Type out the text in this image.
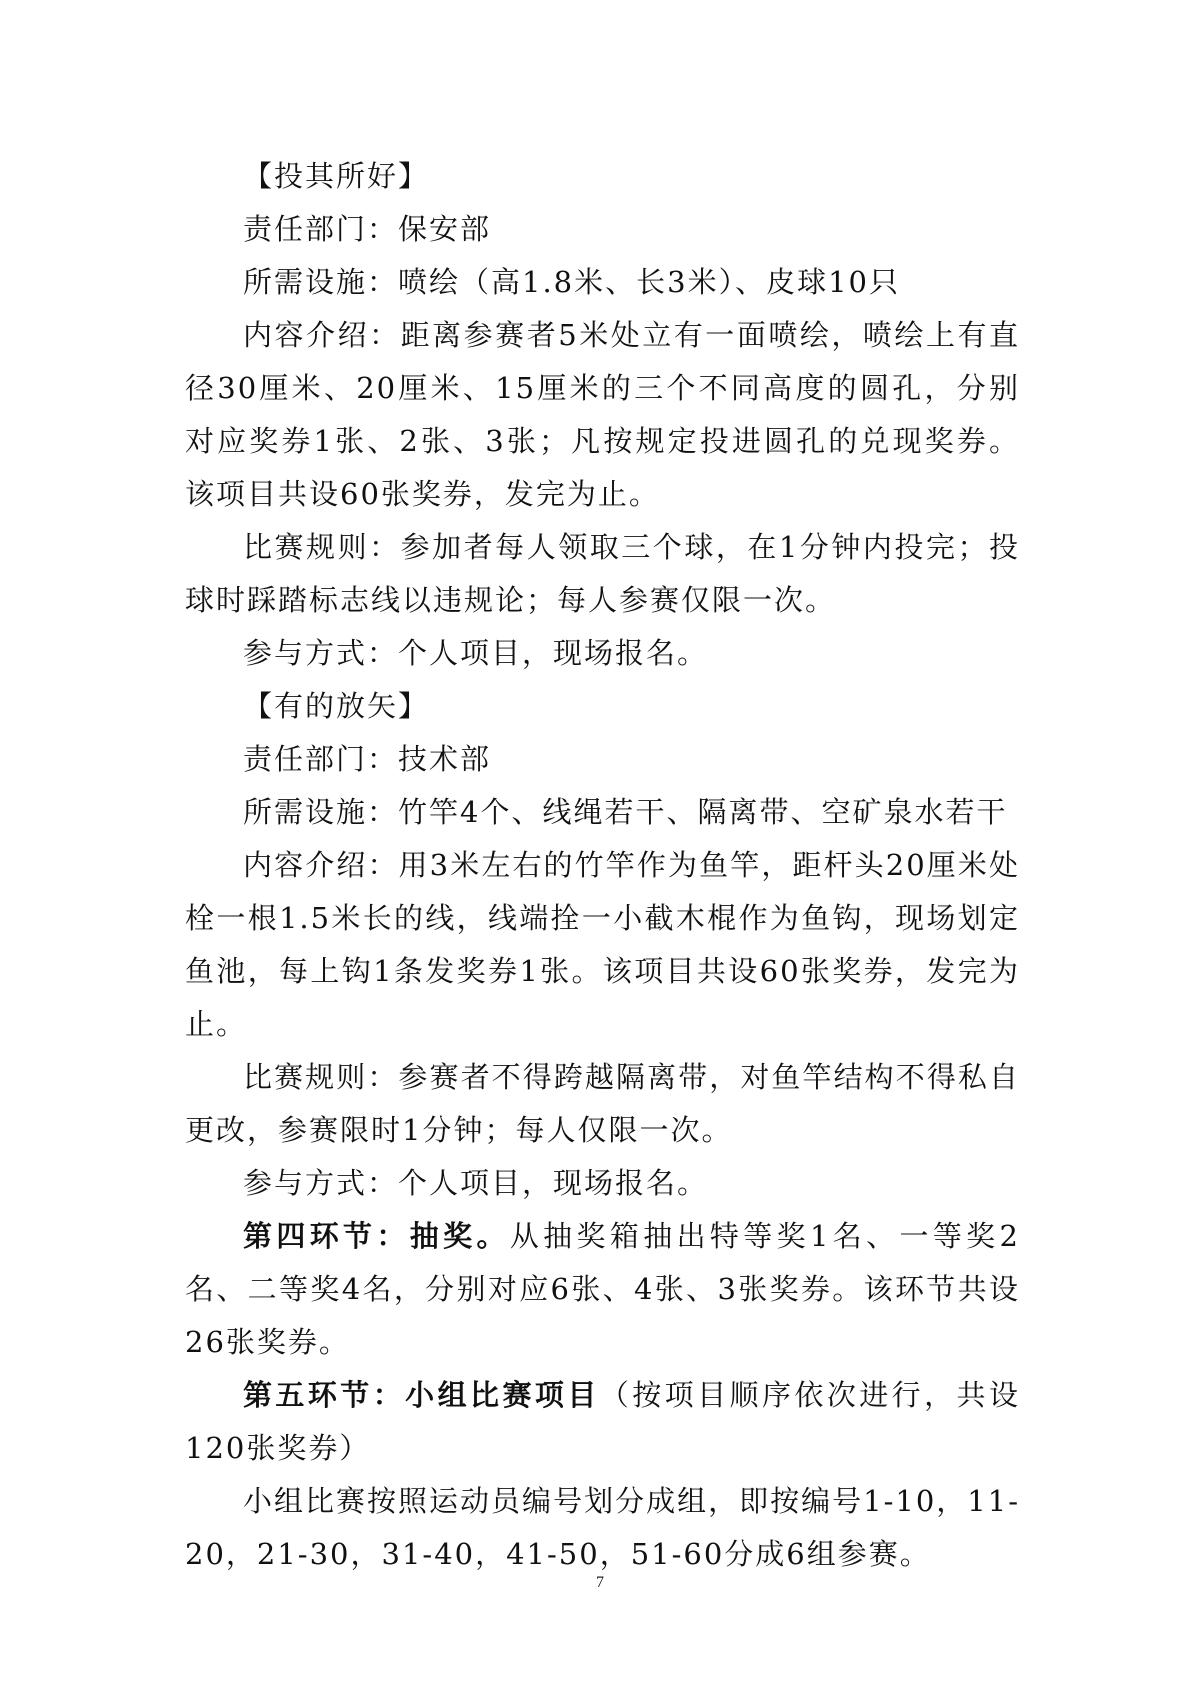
【投其所好】

责任部门：保安部

所需设施：喷绘（高1.8米、长3米）、皮球10只

内容介绍：距离参赛者5米处立有一面喷绘，喷绘上有直径30厘米、20厘米、15厘米的三个不同高度的圆孔，分别对应奖券1张、2张、3张；凡按规定投进圆孔的兑现奖券。该项目共设60张奖券，发完为止。

比赛规则：参加者每人领取三个球，在1分钟内投完；投球时踩踏标志线以违规论；每人参赛仅限一次。

参与方式：个人项目，现场报名。

【有的放矢】

责任部门：技术部

所需设施：竹竿4个、线绳若干、隔离带、空矿泉水若干

内容介绍：用3米左右的竹竿作为鱼竿，距杆头20厘米处栓一根1.5米长的线，线端拴一小截木棍作为鱼钩，现场划定鱼池，每上钩1条发奖券1张。该项目共设60张奖券，发完为止。

比赛规则：参赛者不得跨越隔离带，对鱼竿结构不得私自更改，参赛限时1分钟；每人仅限一次。

参与方式：个人项目，现场报名。

第四环节：抽奖。从抽奖箱抽出特等奖1名、一等奖2名、二等奖4名，分别对应6张、4张、3张奖券。该环节共设26张奖券。

第五环节：小组比赛项目（按项目顺序依次进行，共设120张奖券）

小组比赛按照运动员编号划分成组，即按编号1-10，11-20，21-30，31-40，41-50，51-60分成6组参赛。

7
